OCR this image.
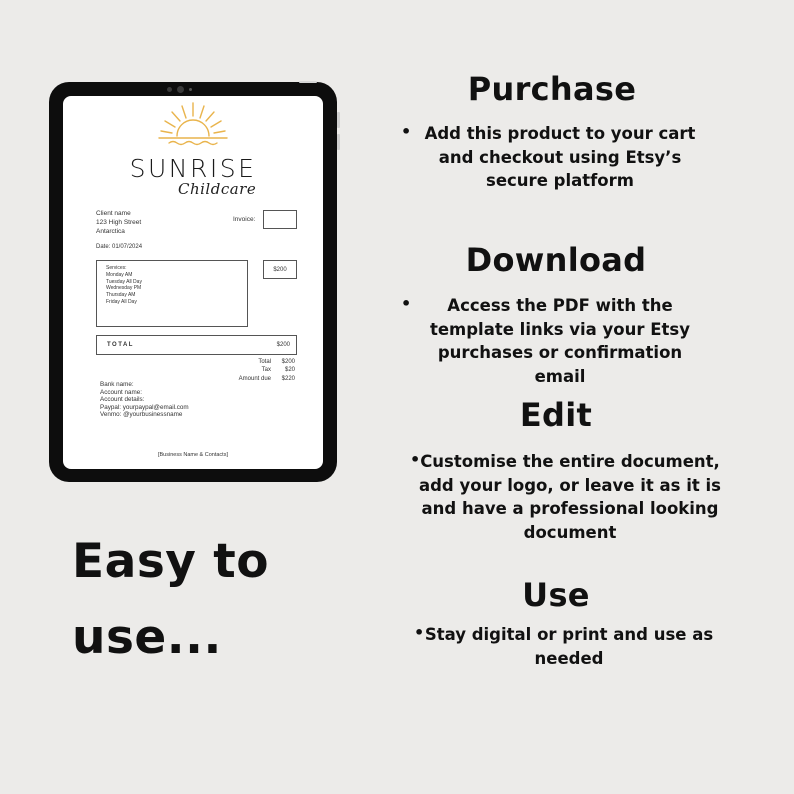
SUNRISE
Childcare
Client name
123 High Street
Antarctica
Invoice:
Date: 01/07/2024
Services:
Monday AM
Tuesday All Day
Wednesday PM
Thursday AM
Friday All Day
$200
TOTAL	$200
Total	$200
Tax	$20
Amount due	$220
Bank name:
Account name:
Account details:
Paypal: yourpaypal@email.com
Venmo: @yourbusinessname
[Business Name & Contacts]
Purchase
• Add this product to your cart
and checkout using Etsy’s
secure platform
Download
•	Access the PDF with the
template links via your Etsy
purchases or confirmation email
Edit
• Customise the entire document,
add your logo, or leave it as it is
and have a professional looking
document
Use
• Stay digital or print and use as
needed
Easy to
use...
